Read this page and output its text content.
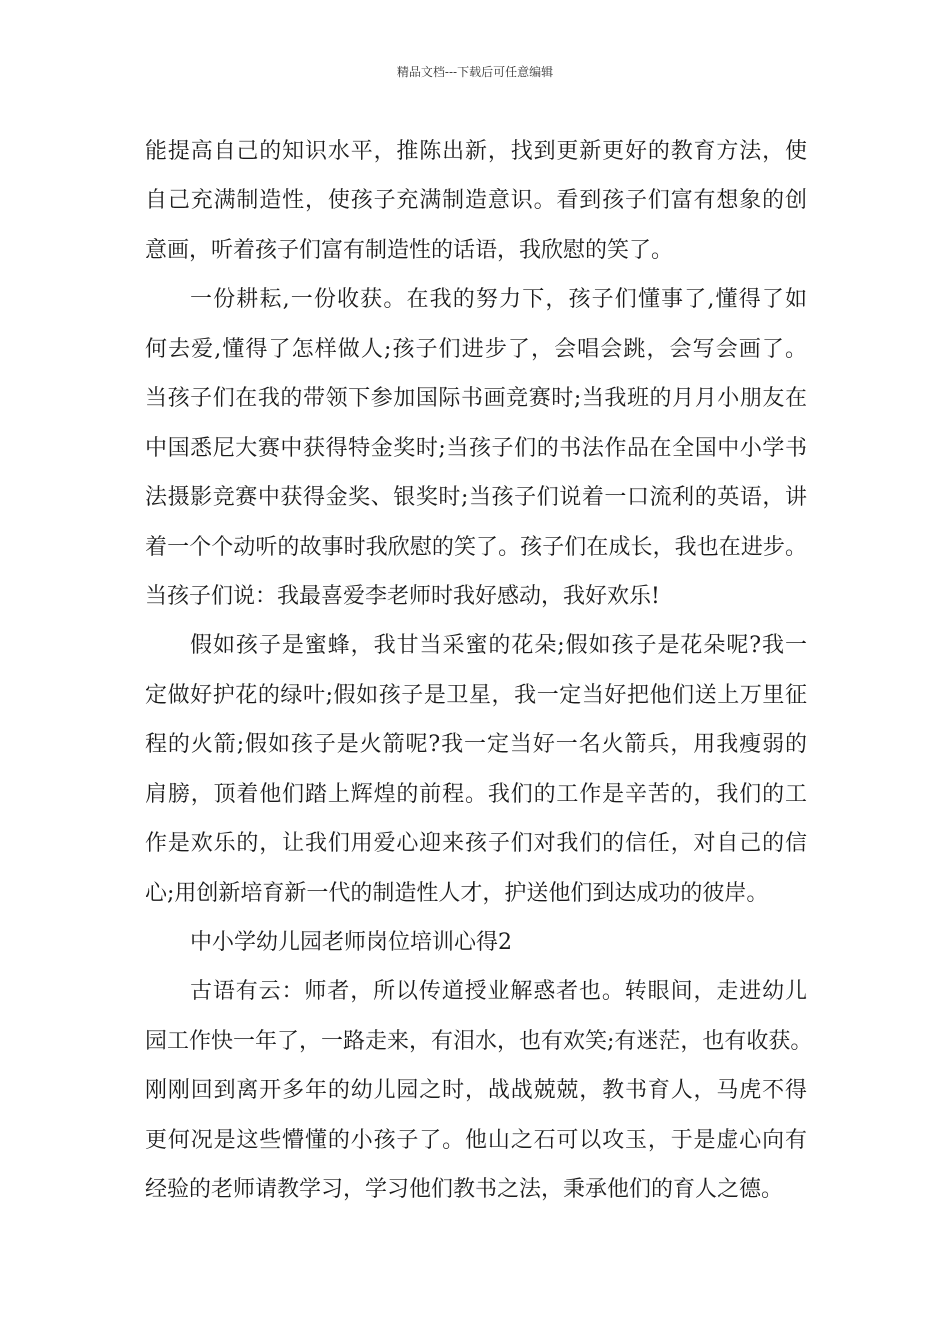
精品文档---下载后可任意编辑
能提高自己的知识水平，推陈出新，找到更新更好的教育方法，使
自己充满制造性，使孩子充满制造意识。看到孩子们富有想象的创
意画，听着孩子们富有制造性的话语，我欣慰的笑了。
一份耕耘,一份收获。在我的努力下，孩子们懂事了,懂得了如
何去爱,懂得了怎样做人;孩子们进步了，会唱会跳，会写会画了。
当孩子们在我的带领下参加国际书画竞赛时;当我班的月月小朋友在
中国悉尼大赛中获得特金奖时;当孩子们的书法作品在全国中小学书
法摄影竞赛中获得金奖、银奖时;当孩子们说着一口流利的英语，讲
着一个个动听的故事时我欣慰的笑了。孩子们在成长，我也在进步。
当孩子们说：我最喜爱李老师时我好感动，我好欢乐!
假如孩子是蜜蜂，我甘当采蜜的花朵;假如孩子是花朵呢?我一
定做好护花的绿叶;假如孩子是卫星，我一定当好把他们送上万里征
程的火箭;假如孩子是火箭呢?我一定当好一名火箭兵，用我瘦弱的
肩膀，顶着他们踏上辉煌的前程。我们的工作是辛苦的，我们的工
作是欢乐的，让我们用爱心迎来孩子们对我们的信任，对自己的信
心;用创新培育新一代的制造性人才，护送他们到达成功的彼岸。
中小学幼儿园老师岗位培训心得2
古语有云：师者，所以传道授业解惑者也。转眼间，走进幼儿
园工作快一年了，一路走来，有泪水，也有欢笑;有迷茫，也有收获。
刚刚回到离开多年的幼儿园之时，战战兢兢，教书育人，马虎不得
更何况是这些懵懂的小孩子了。他山之石可以攻玉，于是虚心向有
经验的老师请教学习，学习他们教书之法，秉承他们的育人之德。
